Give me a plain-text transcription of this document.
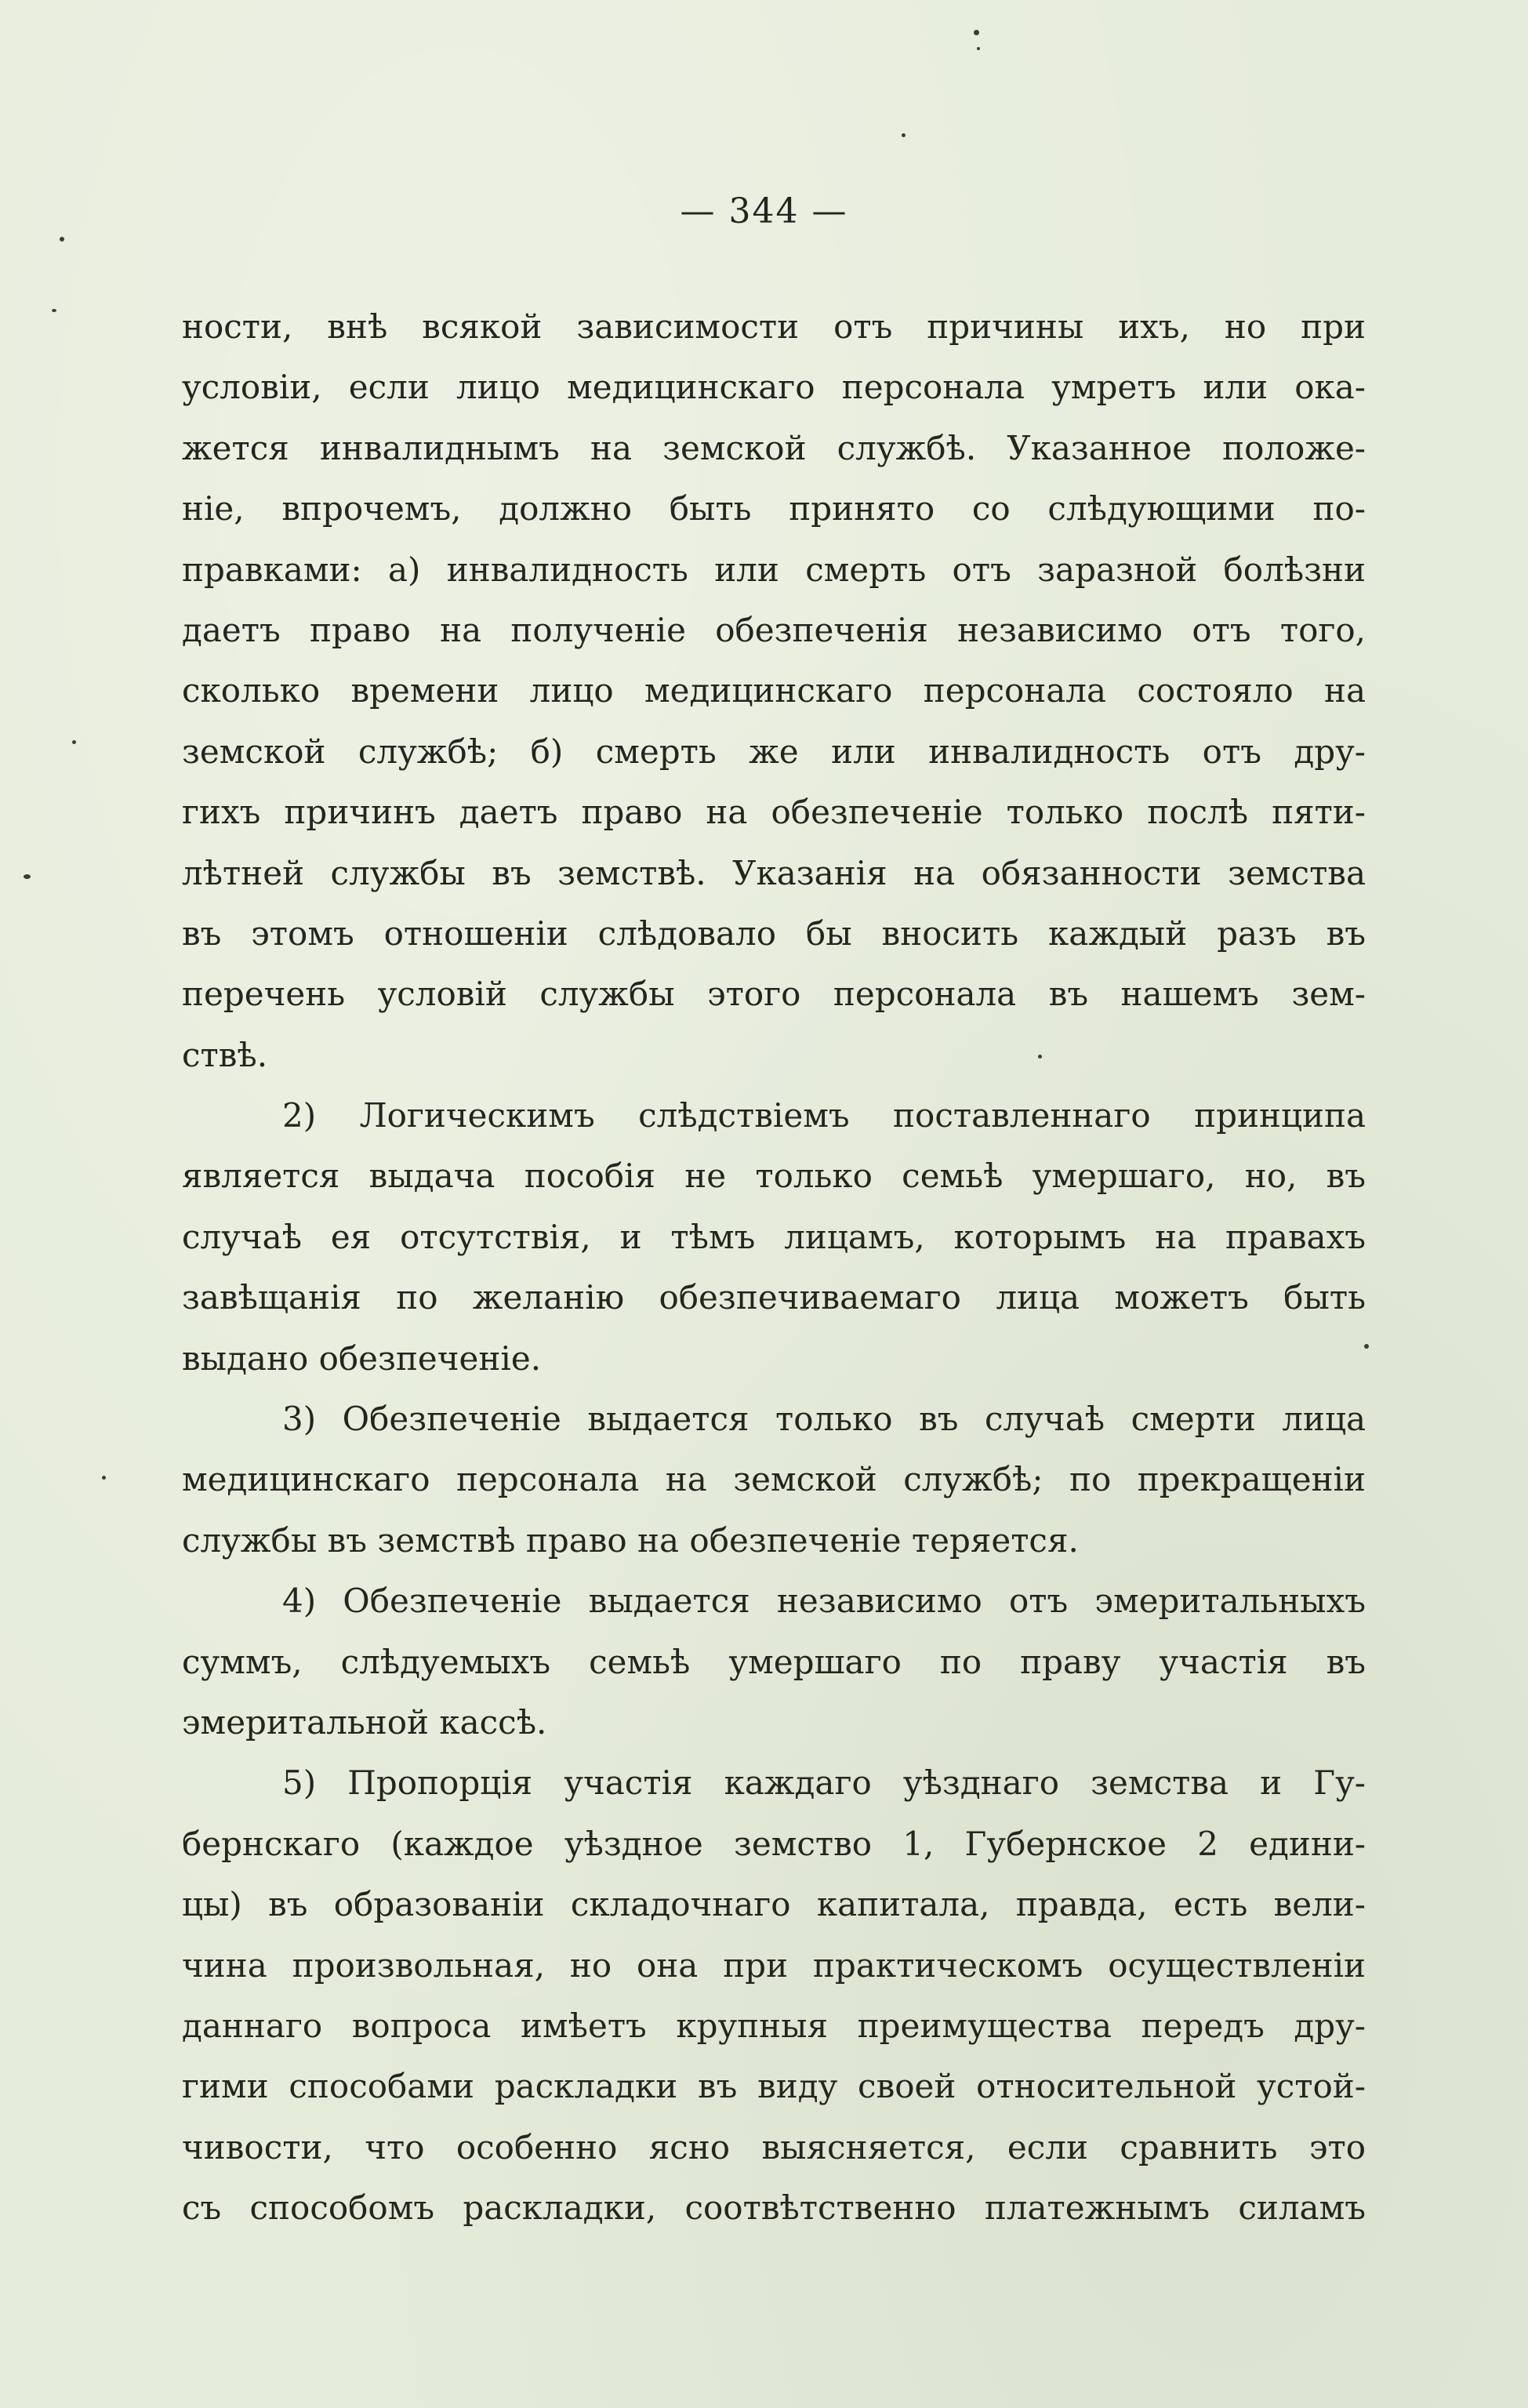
— 344 —
ности, внѣ всякой зависимости отъ причины ихъ, но при
условіи, если лицо медицинскаго персонала умретъ или ока-
жется инвалиднымъ на земской службѣ. Указанное положе-
ніе, впрочемъ, должно быть принято со слѣдующими по-
правками: а) инвалидность или смерть отъ заразной болѣзни
даетъ право на полученіе обезпеченія независимо отъ того,
сколько времени лицо медицинскаго персонала состояло на
земской службѣ; б) смерть же или инвалидность отъ дру-
гихъ причинъ даетъ право на обезпеченіе только послѣ пяти-
лѣтней службы въ земствѣ. Указанія на обязанности земства
въ этомъ отношеніи слѣдовало бы вносить каждый разъ въ
перечень условій службы этого персонала въ нашемъ зем-
ствѣ.
2) Логическимъ слѣдствіемъ поставленнаго принципа
является выдача пособія не только семьѣ умершаго, но, въ
случаѣ ея отсутствія, и тѣмъ лицамъ, которымъ на правахъ
завѣщанія по желанію обезпечиваемаго лица можетъ быть
выдано обезпеченіе.
3) Обезпеченіе выдается только въ случаѣ смерти лица
медицинскаго персонала на земской службѣ; по прекращеніи
службы въ земствѣ право на обезпеченіе теряется.
4) Обезпеченіе выдается независимо отъ эмеритальныхъ
суммъ, слѣдуемыхъ семьѣ умершаго по праву участія въ
эмеритальной кассѣ.
5) Пропорція участія каждаго уѣзднаго земства и Гу-
бернскаго (каждое уѣздное земство 1, Губернское 2 едини-
цы) въ образованіи складочнаго капитала, правда, есть вели-
чина произвольная, но она при практическомъ осуществленіи
даннаго вопроса имѣетъ крупныя преимущества передъ дру-
гими способами раскладки въ виду своей относительной устой-
чивости, что особенно ясно выясняется, если сравнить это
съ способомъ раскладки, соотвѣтственно платежнымъ силамъ
